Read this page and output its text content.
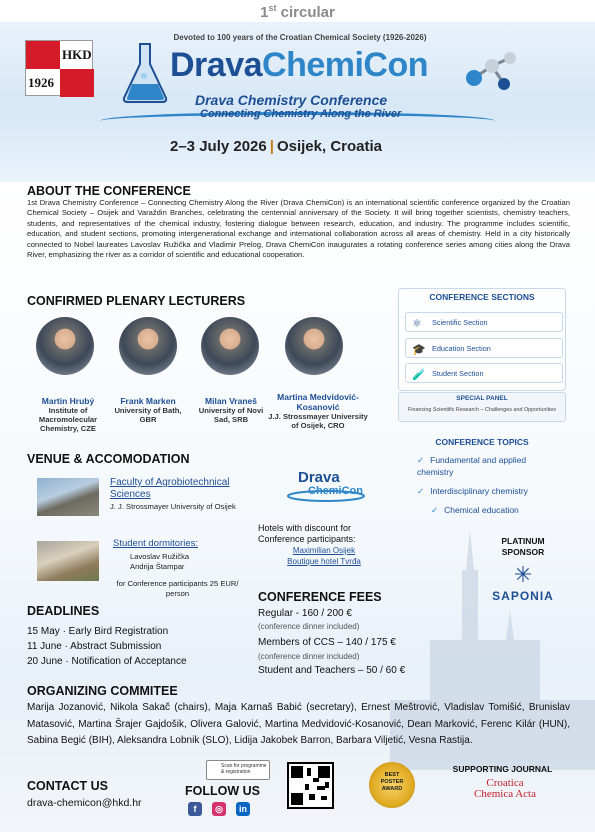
1st circular
HKD
1926
Devoted to 100 years of the Croatian Chemical Society (1926-2026)
DravaChemiCon
Drava Chemistry Conference
Connecting Chemistry Along the River
2–3 July 2026 | Osijek, Croatia
ABOUT THE CONFERENCE
1st Drava Chemistry Conference – Connecting Chemistry Along the River (Drava ChemiCon) is an international scientific conference organized by the Croatian Chemical Society – Osijek and Varaždin Branches, celebrating the centennial anniversary of the Society. It will bring together scientists, chemistry teachers, students, and representatives of the chemical industry, fostering dialogue between research, education, and industry. The programme includes scientific, education, and student sections, promoting intergenerational exchange and international collaboration across all areas of chemistry. Held in a city historically connected to Nobel laureates Lavoslav Ružička and Vladimir Prelog, Drava ChemiCon inaugurates a rotating conference series among cities along the Drava River, emphasizing the river as a corridor of scientific and educational cooperation.
CONFIRMED PLENARY LECTURERS
Martin Hrubý
Institute of Macromolecular Chemistry, CZE
Frank Marken
University of Bath, GBR
Milan Vraneš
University of Novi Sad, SRB
Martina Medvidović-Kosanović
J.J. Strossmayer University of Osijek, CRO
CONFERENCE SECTIONS
⚛ Scientific Section
🎓 Education Section
🧪 Student Section
SPECIAL PANEL
Financing Scientific Research – Challenges and Opportunities
CONFERENCE TOPICS
✓ Fundamental and applied chemistry
✓ Interdisciplinary chemistry
✓ Chemical education
VENUE & ACCOMODATION
Faculty of Agrobiotechnical Sciences
J. J. Strossmayer University of Osijek
Student dormitories:
Lavoslav Ružička
Andrija Štampar
for Conference participants 25 EUR/ person
Drava
ChemiCon
Hotels with discount for Conference participants:
Maximilian Osijek
Boutique hotel Tvrđa
PLATINUM SPONSOR
✳
SAPONIA
DEADLINES
15 May · Early Bird Registration
11 June · Abstract Submission
20 June · Notification of Acceptance
CONFERENCE FEES
Regular - 160 / 200 €
(conference dinner included)
Members of CCS – 140 / 175 €
(conference dinner included)
Student and Teachers – 50 / 60 €
ORGANIZING COMMITEE
Marija Jozanović, Nikola Sakač (chairs), Maja Karnaš Babić (secretary), Ernest Meštrović, Vladislav Tomišić, Brunislav Matasović, Martina Šrajer Gajdošik, Olivera Galović, Martina Medvidović-Kosanović, Dean Marković, Ferenc Kilár (HUN), Sabina Begić (BIH), Aleksandra Lobnik (SLO), Lidija Jakobek Barron, Barbara Viljetić, Vesna Rastija.
CONTACT US
drava-chemicon@hkd.hr
FOLLOW US
f	◎	in
Scan for programme & registration	BEST
POSTER
AWARD
SUPPORTING JOURNAL
Croatica
Chemica Acta
